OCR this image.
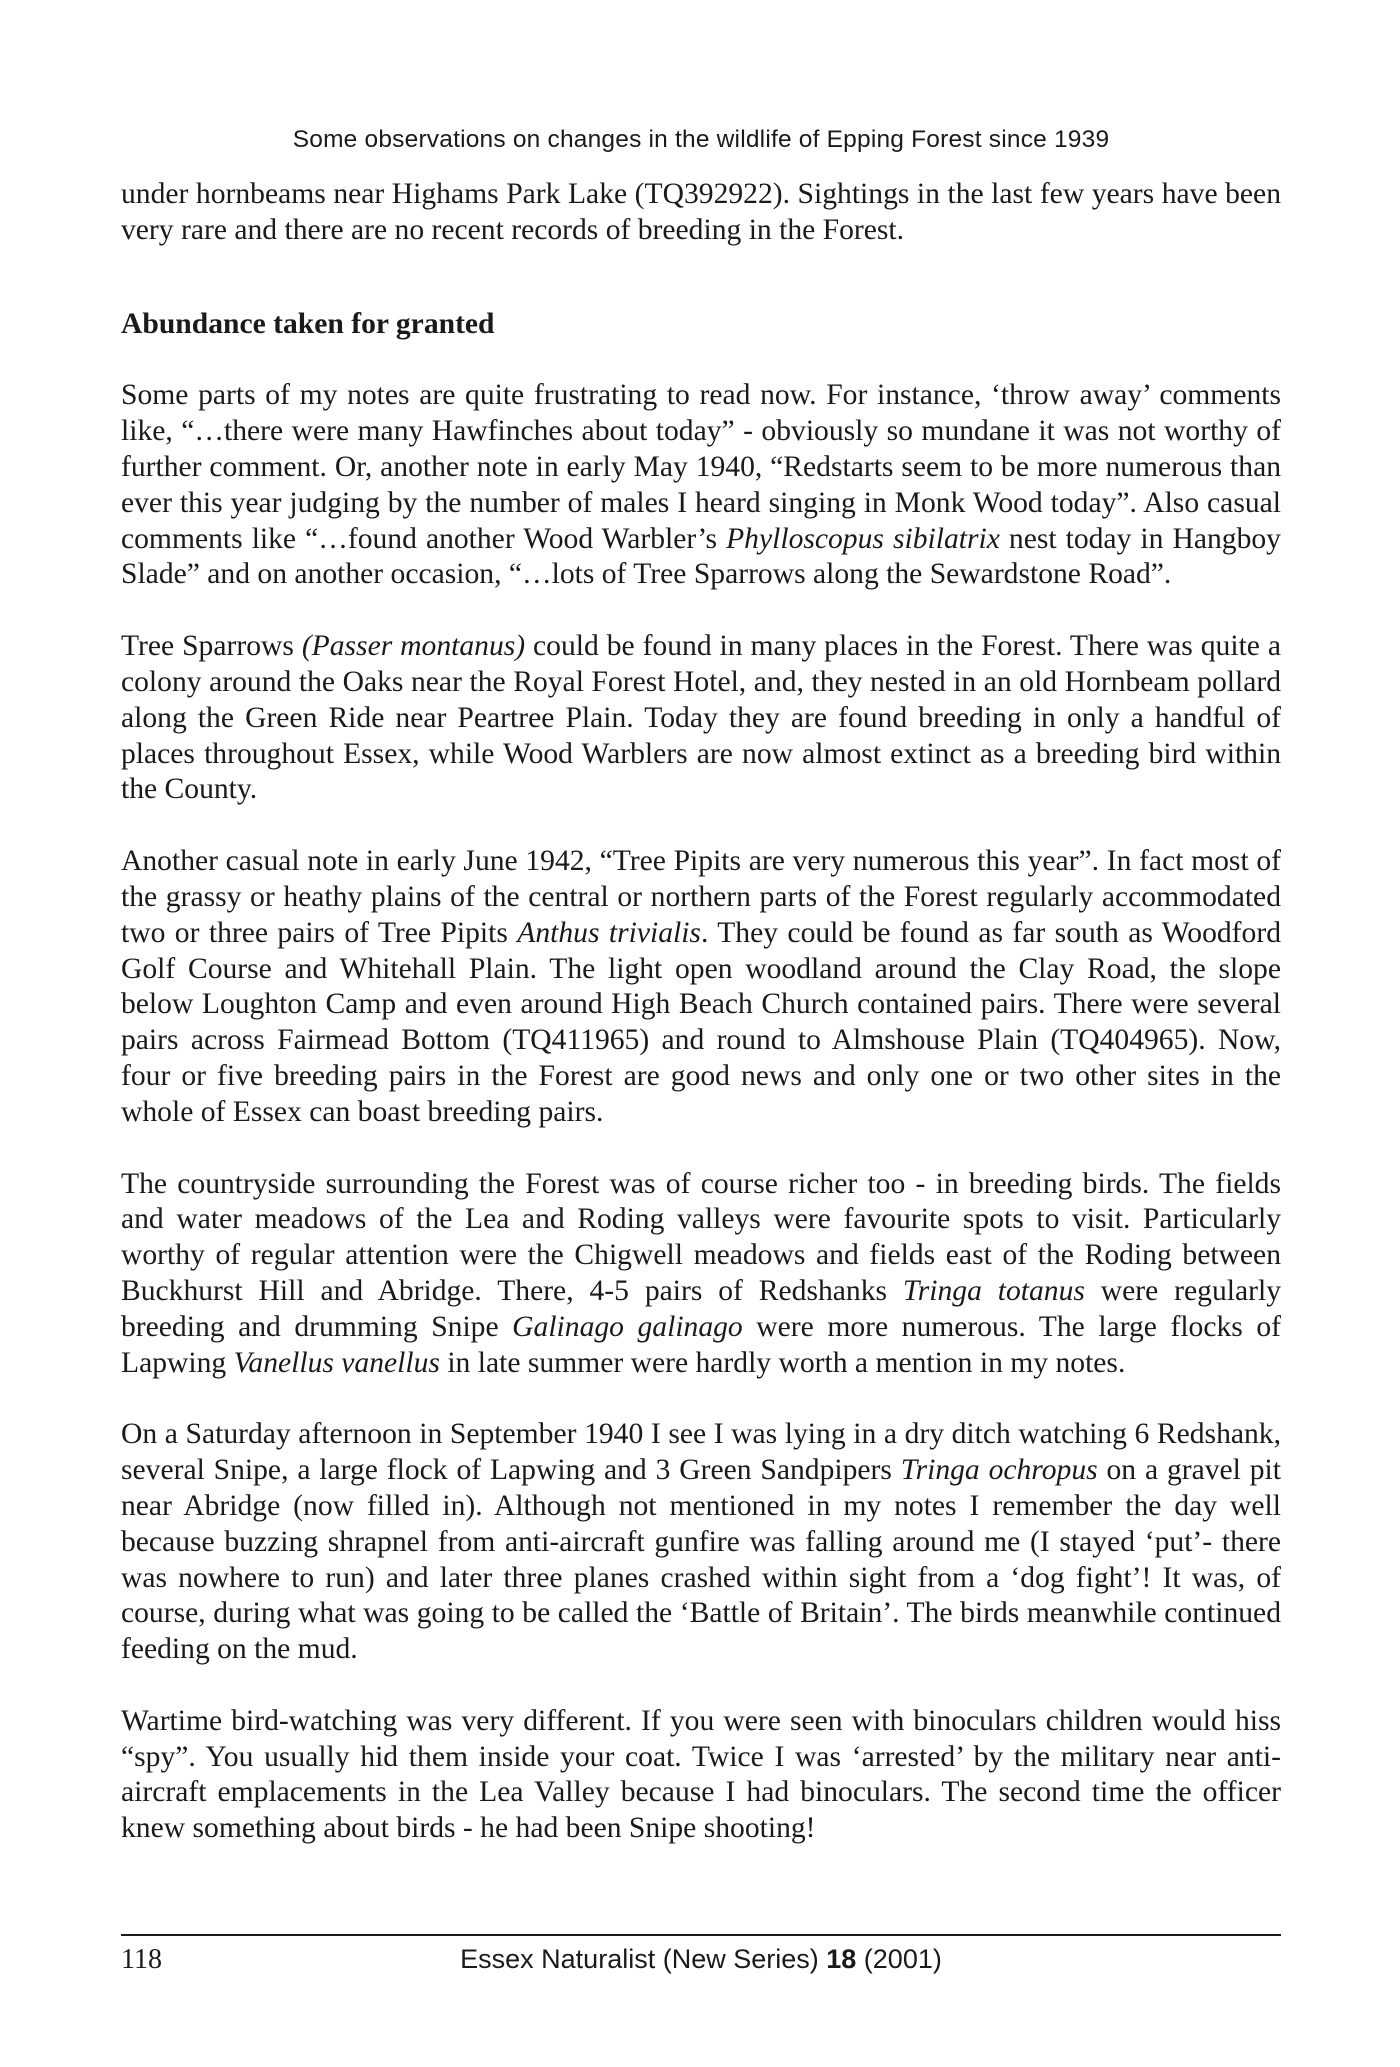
Some observations on changes in the wildlife of Epping Forest since 1939

under hornbeams near Highams Park Lake (TQ392922). Sightings in the last few years have been very rare and there are no recent records of breeding in the Forest.

Abundance taken for granted

Some parts of my notes are quite frustrating to read now. For instance, ‘throw away’ comments like, “…there were many Hawfinches about today” - obviously so mundane it was not worthy of further comment. Or, another note in early May 1940, “Redstarts seem to be more numerous than ever this year judging by the number of males I heard singing in Monk Wood today”. Also casual comments like “…found another Wood Warbler’s Phylloscopus sibilatrix nest today in Hangboy Slade” and on another occasion, “…lots of Tree Sparrows along the Sewardstone Road”.

Tree Sparrows (Passer montanus) could be found in many places in the Forest. There was quite a colony around the Oaks near the Royal Forest Hotel, and, they nested in an old Hornbeam pollard along the Green Ride near Peartree Plain. Today they are found breeding in only a handful of places throughout Essex, while Wood Warblers are now almost extinct as a breeding bird within the County.

Another casual note in early June 1942, “Tree Pipits are very numerous this year”. In fact most of the grassy or heathy plains of the central or northern parts of the Forest regularly accommodated two or three pairs of Tree Pipits Anthus trivialis. They could be found as far south as Woodford Golf Course and Whitehall Plain. The light open woodland around the Clay Road, the slope below Loughton Camp and even around High Beach Church contained pairs. There were several pairs across Fairmead Bottom (TQ411965) and round to Almshouse Plain (TQ404965). Now, four or five breeding pairs in the Forest are good news and only one or two other sites in the whole of Essex can boast breeding pairs.

The countryside surrounding the Forest was of course richer too - in breeding birds. The fields and water meadows of the Lea and Roding valleys were favourite spots to visit. Particularly worthy of regular attention were the Chigwell meadows and fields east of the Roding between Buckhurst Hill and Abridge. There, 4-5 pairs of Redshanks Tringa totanus were regularly breeding and drumming Snipe Galinago galinago were more numerous. The large flocks of Lapwing Vanellus vanellus in late summer were hardly worth a mention in my notes.

On a Saturday afternoon in September 1940 I see I was lying in a dry ditch watching 6 Redshank, several Snipe, a large flock of Lapwing and 3 Green Sandpipers Tringa ochropus on a gravel pit near Abridge (now filled in). Although not mentioned in my notes I remember the day well because buzzing shrapnel from anti-aircraft gunfire was falling around me (I stayed ‘put’- there was nowhere to run) and later three planes crashed within sight from a ‘dog fight’! It was, of course, during what was going to be called the ‘Battle of Britain’. The birds meanwhile continued feeding on the mud.

Wartime bird-watching was very different. If you were seen with binoculars children would hiss “spy”. You usually hid them inside your coat. Twice I was ‘arrested’ by the military near anti-aircraft emplacements in the Lea Valley because I had binoculars. The second time the officer knew something about birds - he had been Snipe shooting!

118	Essex Naturalist (New Series) 18 (2001)
